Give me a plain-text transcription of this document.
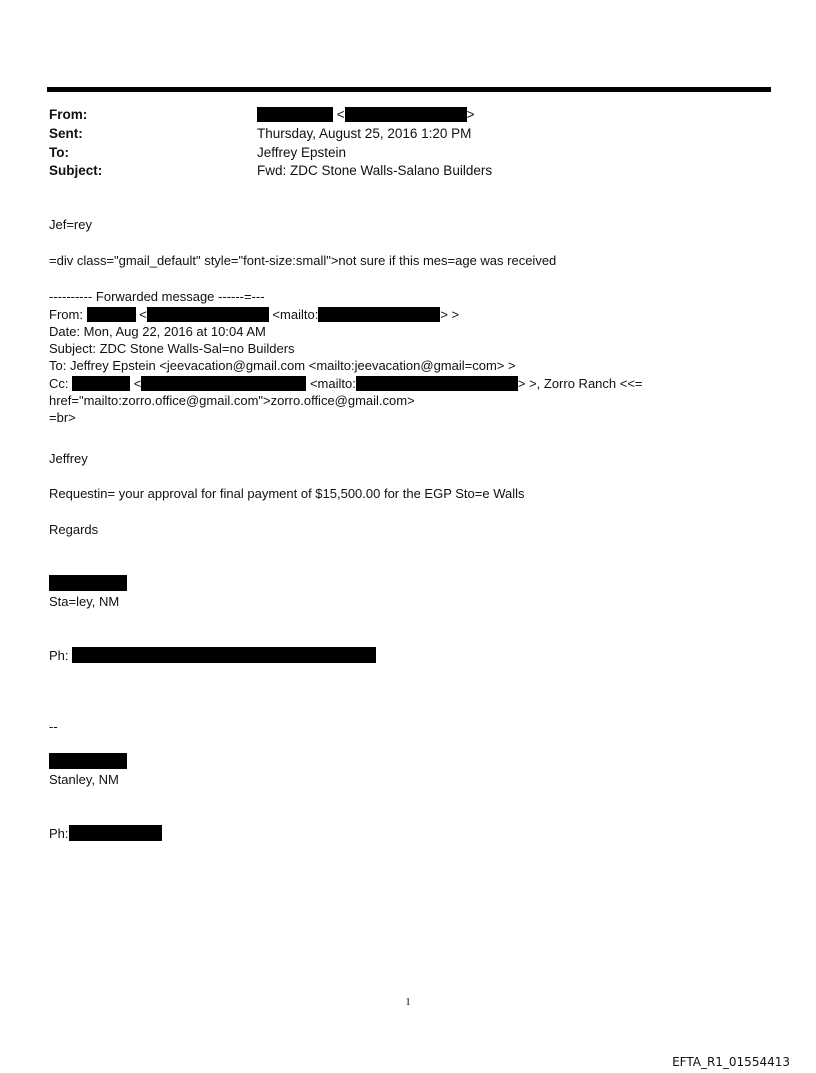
From:	<	>
Sent:	Thursday, August 25, 2016 1:20 PM
To:	Jeffrey Epstein
Subject:	Fwd: ZDC Stone Walls-Salano Builders
Jef=rey
=div class="gmail_default" style="font-size:small">not sure if this mes=age was received
---------- Forwarded message ------=---
From:	<	<mailto:	> >
Date: Mon, Aug 22, 2016 at 10:04 AM
Subject: ZDC Stone Walls-Sal=no Builders
To: Jeffrey Epstein <jeevacation@gmail.com <mailto:jeevacation@gmail=com> >
Cc:	<	<mailto:	> >, Zorro Ranch <<=
href="mailto:zorro.office@gmail.com">zorro.office@gmail.com>
=br>
Jeffrey
Requestin= your approval for final payment of $15,500.00 for the EGP Sto=e Walls
Regards
Sta=ley, NM
Ph:
--
Stanley, NM
Ph:
1
EFTA_R1_01554413
